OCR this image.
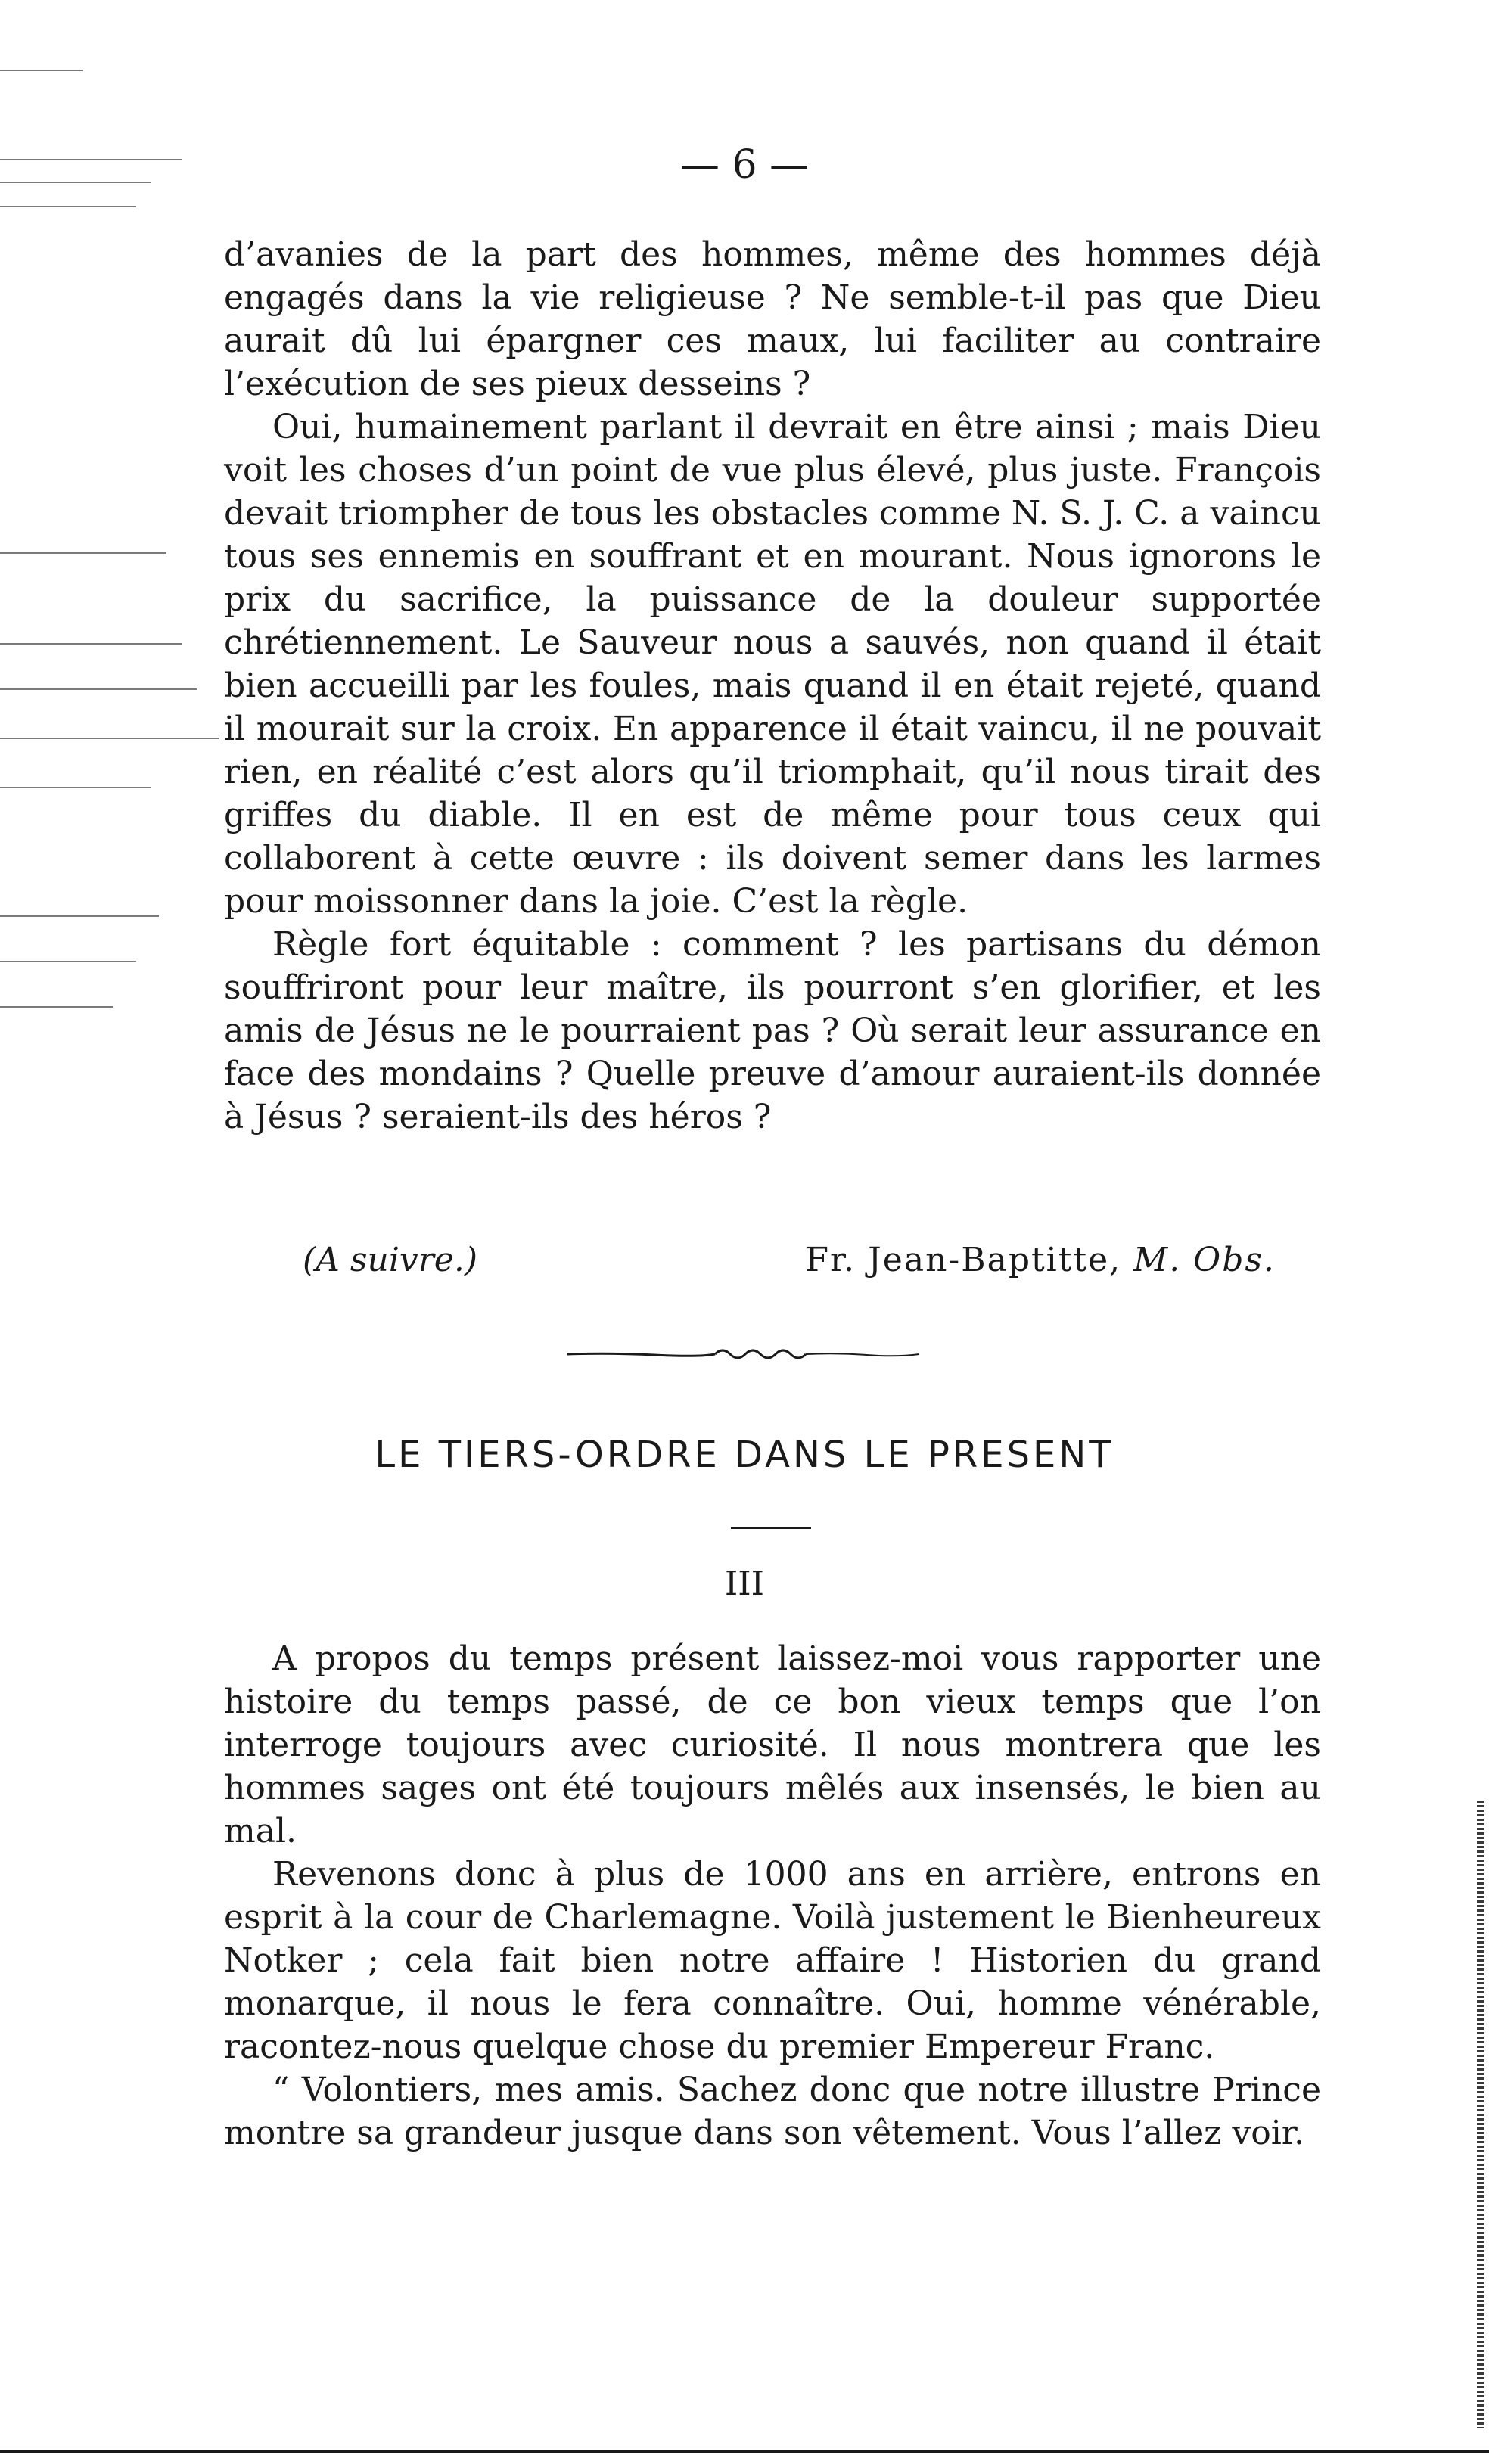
— 6 —

d’avanies de la part des hommes, même des hommes déjà engagés dans la vie religieuse ? Ne semble-t-il pas que Dieu aurait dû lui épargner ces maux, lui faciliter au contraire l’exécution de ses pieux desseins ?

Oui, humainement parlant il devrait en être ainsi ; mais Dieu voit les choses d’un point de vue plus élevé, plus juste. François devait triompher de tous les obstacles comme N. S. J. C. a vaincu tous ses ennemis en souffrant et en mourant. Nous ignorons le prix du sacrifice, la puissance de la douleur supportée chrétiennement. Le Sauveur nous a sauvés, non quand il était bien accueilli par les foules, mais quand il en était rejeté, quand il mourait sur la croix. En apparence il était vaincu, il ne pouvait rien, en réalité c’est alors qu’il triomphait, qu’il nous tirait des griffes du diable. Il en est de même pour tous ceux qui collaborent à cette œuvre : ils doivent semer dans les larmes pour moissonner dans la joie. C’est la règle.

Règle fort équitable : comment ? les partisans du démon souffriront pour leur maître, ils pourront s’en glorifier, et les amis de Jésus ne le pourraient pas ? Où serait leur assurance en face des mondains ? Quelle preuve d’amour auraient-ils donnée à Jésus ? seraient-ils des héros ?

(A suivre.)	Fr. Jean-Baptitte, M. Obs.
LE TIERS-ORDRE DANS LE PRESENT
III

A propos du temps présent laissez-moi vous rapporter une histoire du temps passé, de ce bon vieux temps que l’on interroge toujours avec curiosité. Il nous montrera que les hommes sages ont été toujours mêlés aux insensés, le bien au mal.

Revenons donc à plus de 1000 ans en arrière, entrons en esprit à la cour de Charlemagne. Voilà justement le Bienheureux Notker ; cela fait bien notre affaire ! Historien du grand monarque, il nous le fera connaître. Oui, homme vénérable, racontez-nous quelque chose du premier Empereur Franc.

“ Volontiers, mes amis. Sachez donc que notre illustre Prince montre sa grandeur jusque dans son vêtement. Vous l’allez voir.
